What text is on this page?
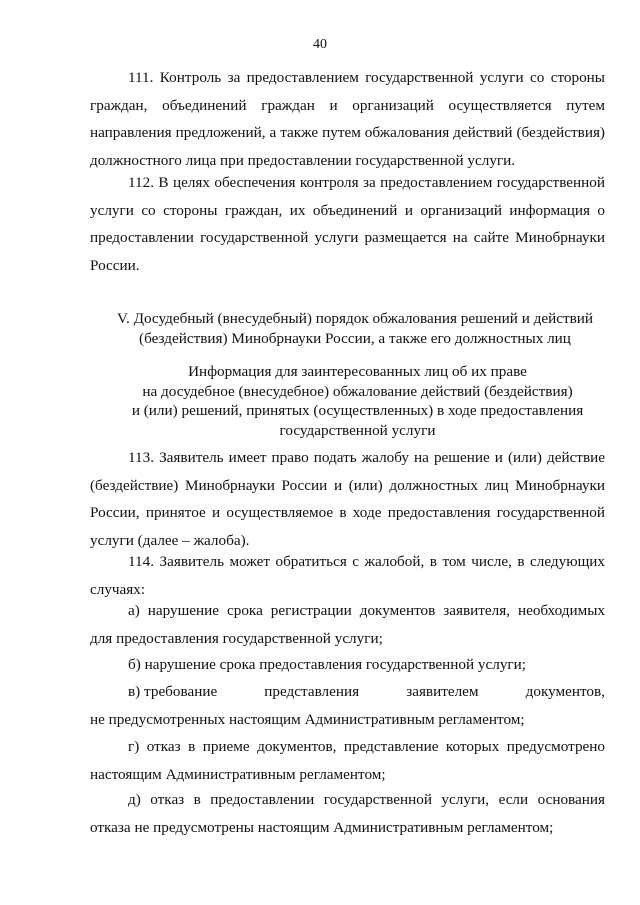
40

111. Контроль за предоставлением государственной услуги со стороны граждан, объединений граждан и организаций осуществляется путем направления предложений, а также путем обжалования действий (бездействия) должностного лица при предоставлении государственной услуги.

112. В целях обеспечения контроля за предоставлением государственной услуги со стороны граждан, их объединений и организаций информация о предоставлении государственной услуги размещается на сайте Минобрнауки России.

V. Досудебный (внесудебный) порядок обжалования решений и действий
(бездействия) Минобрнауки России, а также его должностных лиц
Информация для заинтересованных лиц об их праве
на досудебное (внесудебное) обжалование действий (бездействия)
и (или) решений, принятых (осуществленных) в ходе предоставления
государственной услуги

113. Заявитель имеет право подать жалобу на решение и (или) действие (бездействие) Минобрнауки России и (или) должностных лиц Минобрнауки России, принятое и осуществляемое в ходе предоставления государственной услуги (далее – жалоба).

114. Заявитель может обратиться с жалобой, в том числе, в следующих случаях:

а) нарушение срока регистрации документов заявителя, необходимых для предоставления государственной услуги;

б) нарушение срока предоставления государственной услуги;

в) требование	представления	заявителем	документов,
не предусмотренных настоящим Административным регламентом;

г) отказ в приеме документов, представление которых предусмотрено настоящим Административным регламентом;

д) отказ в предоставлении государственной услуги, если основания отказа не предусмотрены настоящим Административным регламентом;
